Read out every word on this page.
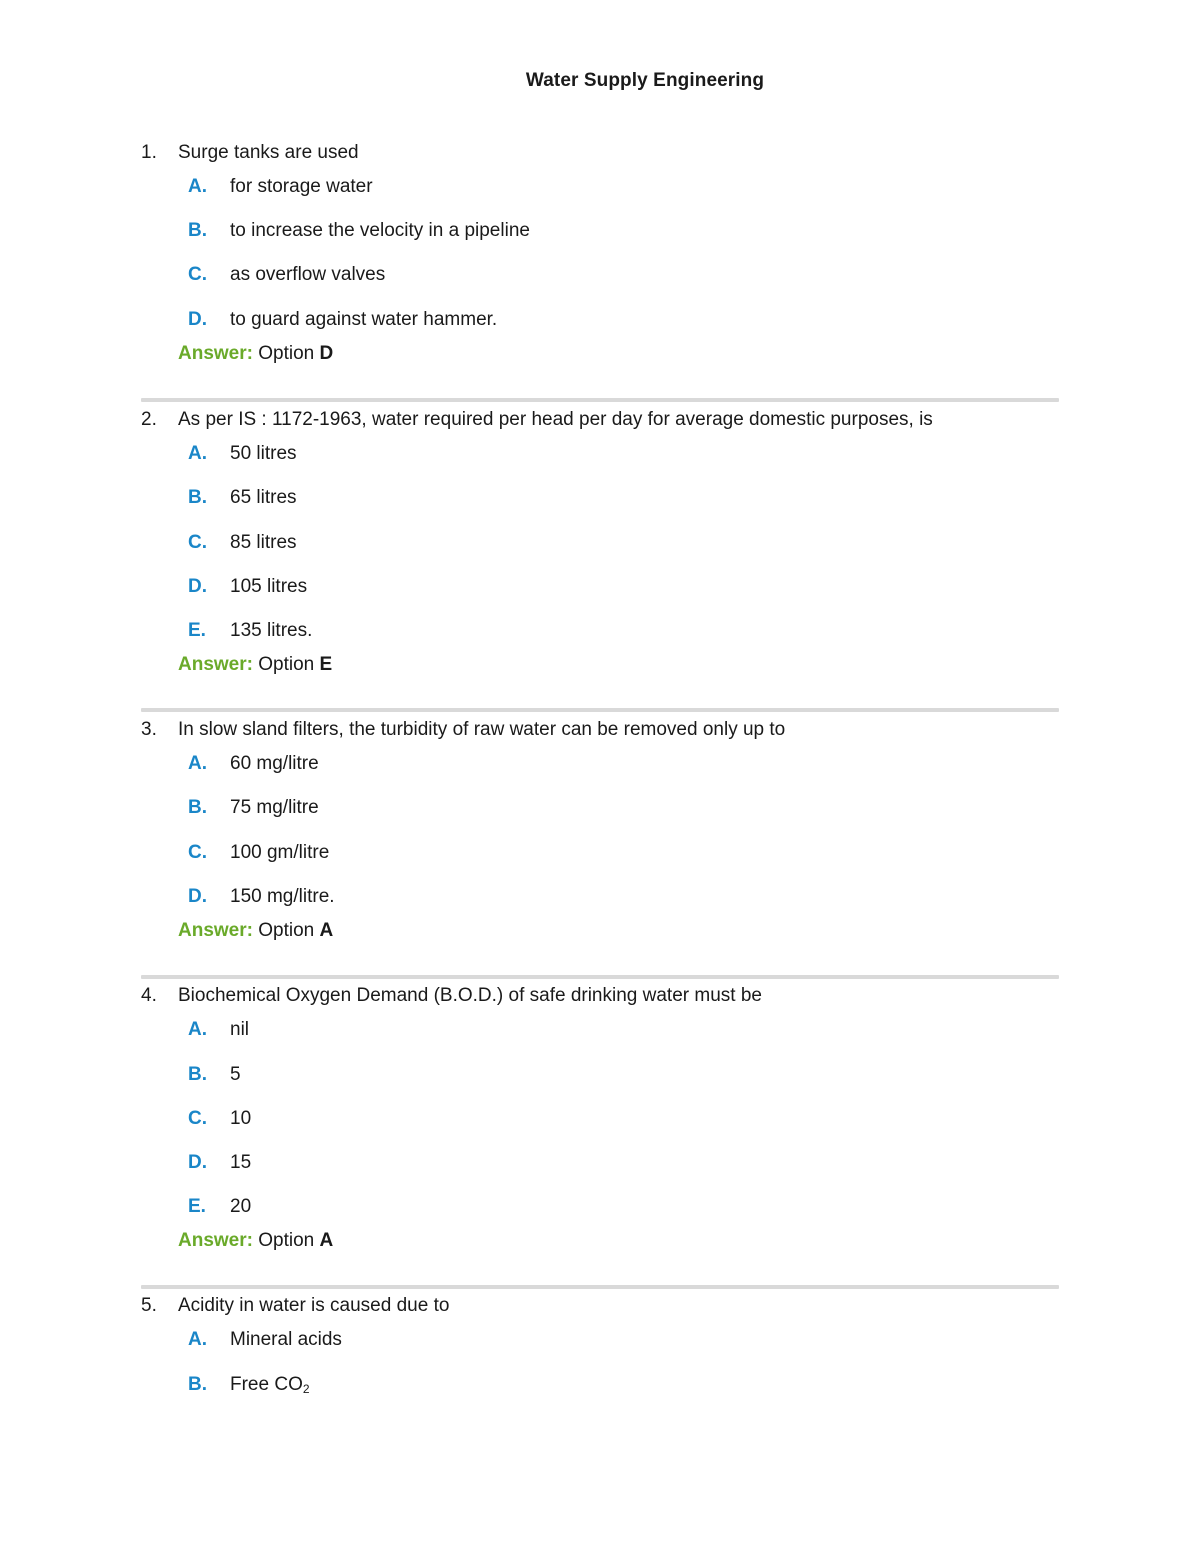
Water Supply Engineering
1. Surge tanks are used
A. for storage water
B. to increase the velocity in a pipeline
C. as overflow valves
D. to guard against water hammer.
Answer: Option D
2. As per IS : 1172-1963, water required per head per day for average domestic purposes, is
A. 50 litres
B. 65 litres
C. 85 litres
D. 105 litres
E. 135 litres.
Answer: Option E
3. In slow sland filters, the turbidity of raw water can be removed only up to
A. 60 mg/litre
B. 75 mg/litre
C. 100 gm/litre
D. 150 mg/litre.
Answer: Option A
4. Biochemical Oxygen Demand (B.O.D.) of safe drinking water must be
A. nil
B. 5
C. 10
D. 15
E. 20
Answer: Option A
5. Acidity in water is caused due to
A. Mineral acids
B. Free $CO_2$
